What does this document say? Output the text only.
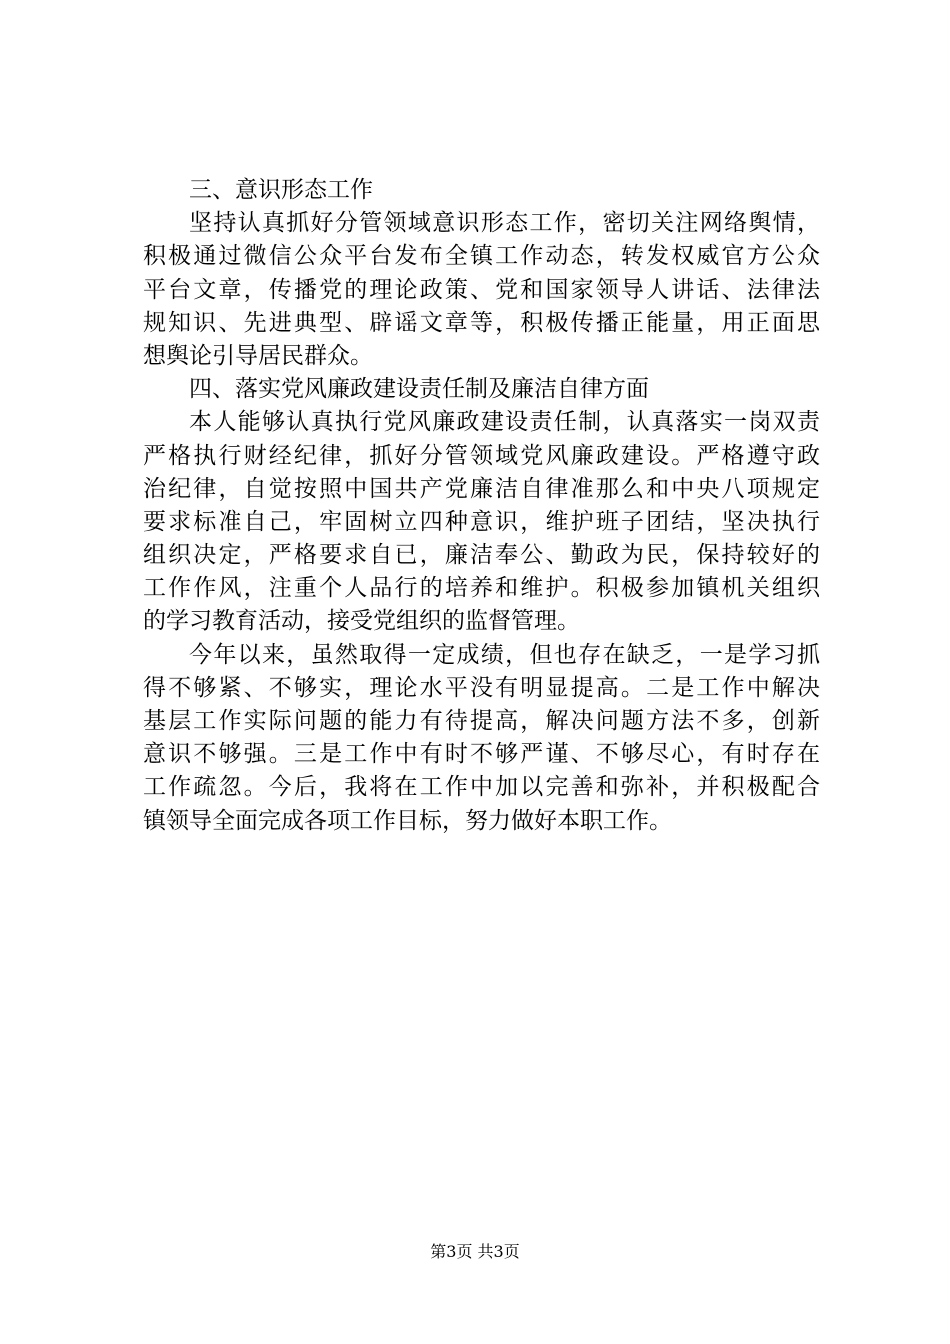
三、意识形态工作
坚持认真抓好分管领域意识形态工作，密切关注网络舆情，
积极通过微信公众平台发布全镇工作动态，转发权威官方公众
平台文章，传播党的理论政策、党和国家领导人讲话、法律法
规知识、先进典型、辟谣文章等，积极传播正能量，用正面思
想舆论引导居民群众。
四、落实党风廉政建设责任制及廉洁自律方面
本人能够认真执行党风廉政建设责任制，认真落实一岗双责
严格执行财经纪律，抓好分管领域党风廉政建设。严格遵守政
治纪律，自觉按照中国共产党廉洁自律准那么和中央八项规定
要求标准自己，牢固树立四种意识，维护班子团结，坚决执行
组织决定，严格要求自已，廉洁奉公、勤政为民，保持较好的
工作作风，注重个人品行的培养和维护。积极参加镇机关组织
的学习教育活动，接受党组织的监督管理。
今年以来，虽然取得一定成绩，但也存在缺乏，一是学习抓
得不够紧、不够实，理论水平没有明显提高。二是工作中解决
基层工作实际问题的能力有待提高，解决问题方法不多，创新
意识不够强。三是工作中有时不够严谨、不够尽心，有时存在
工作疏忽。今后，我将在工作中加以完善和弥补，并积极配合
镇领导全面完成各项工作目标，努力做好本职工作。
第3页 共3页
